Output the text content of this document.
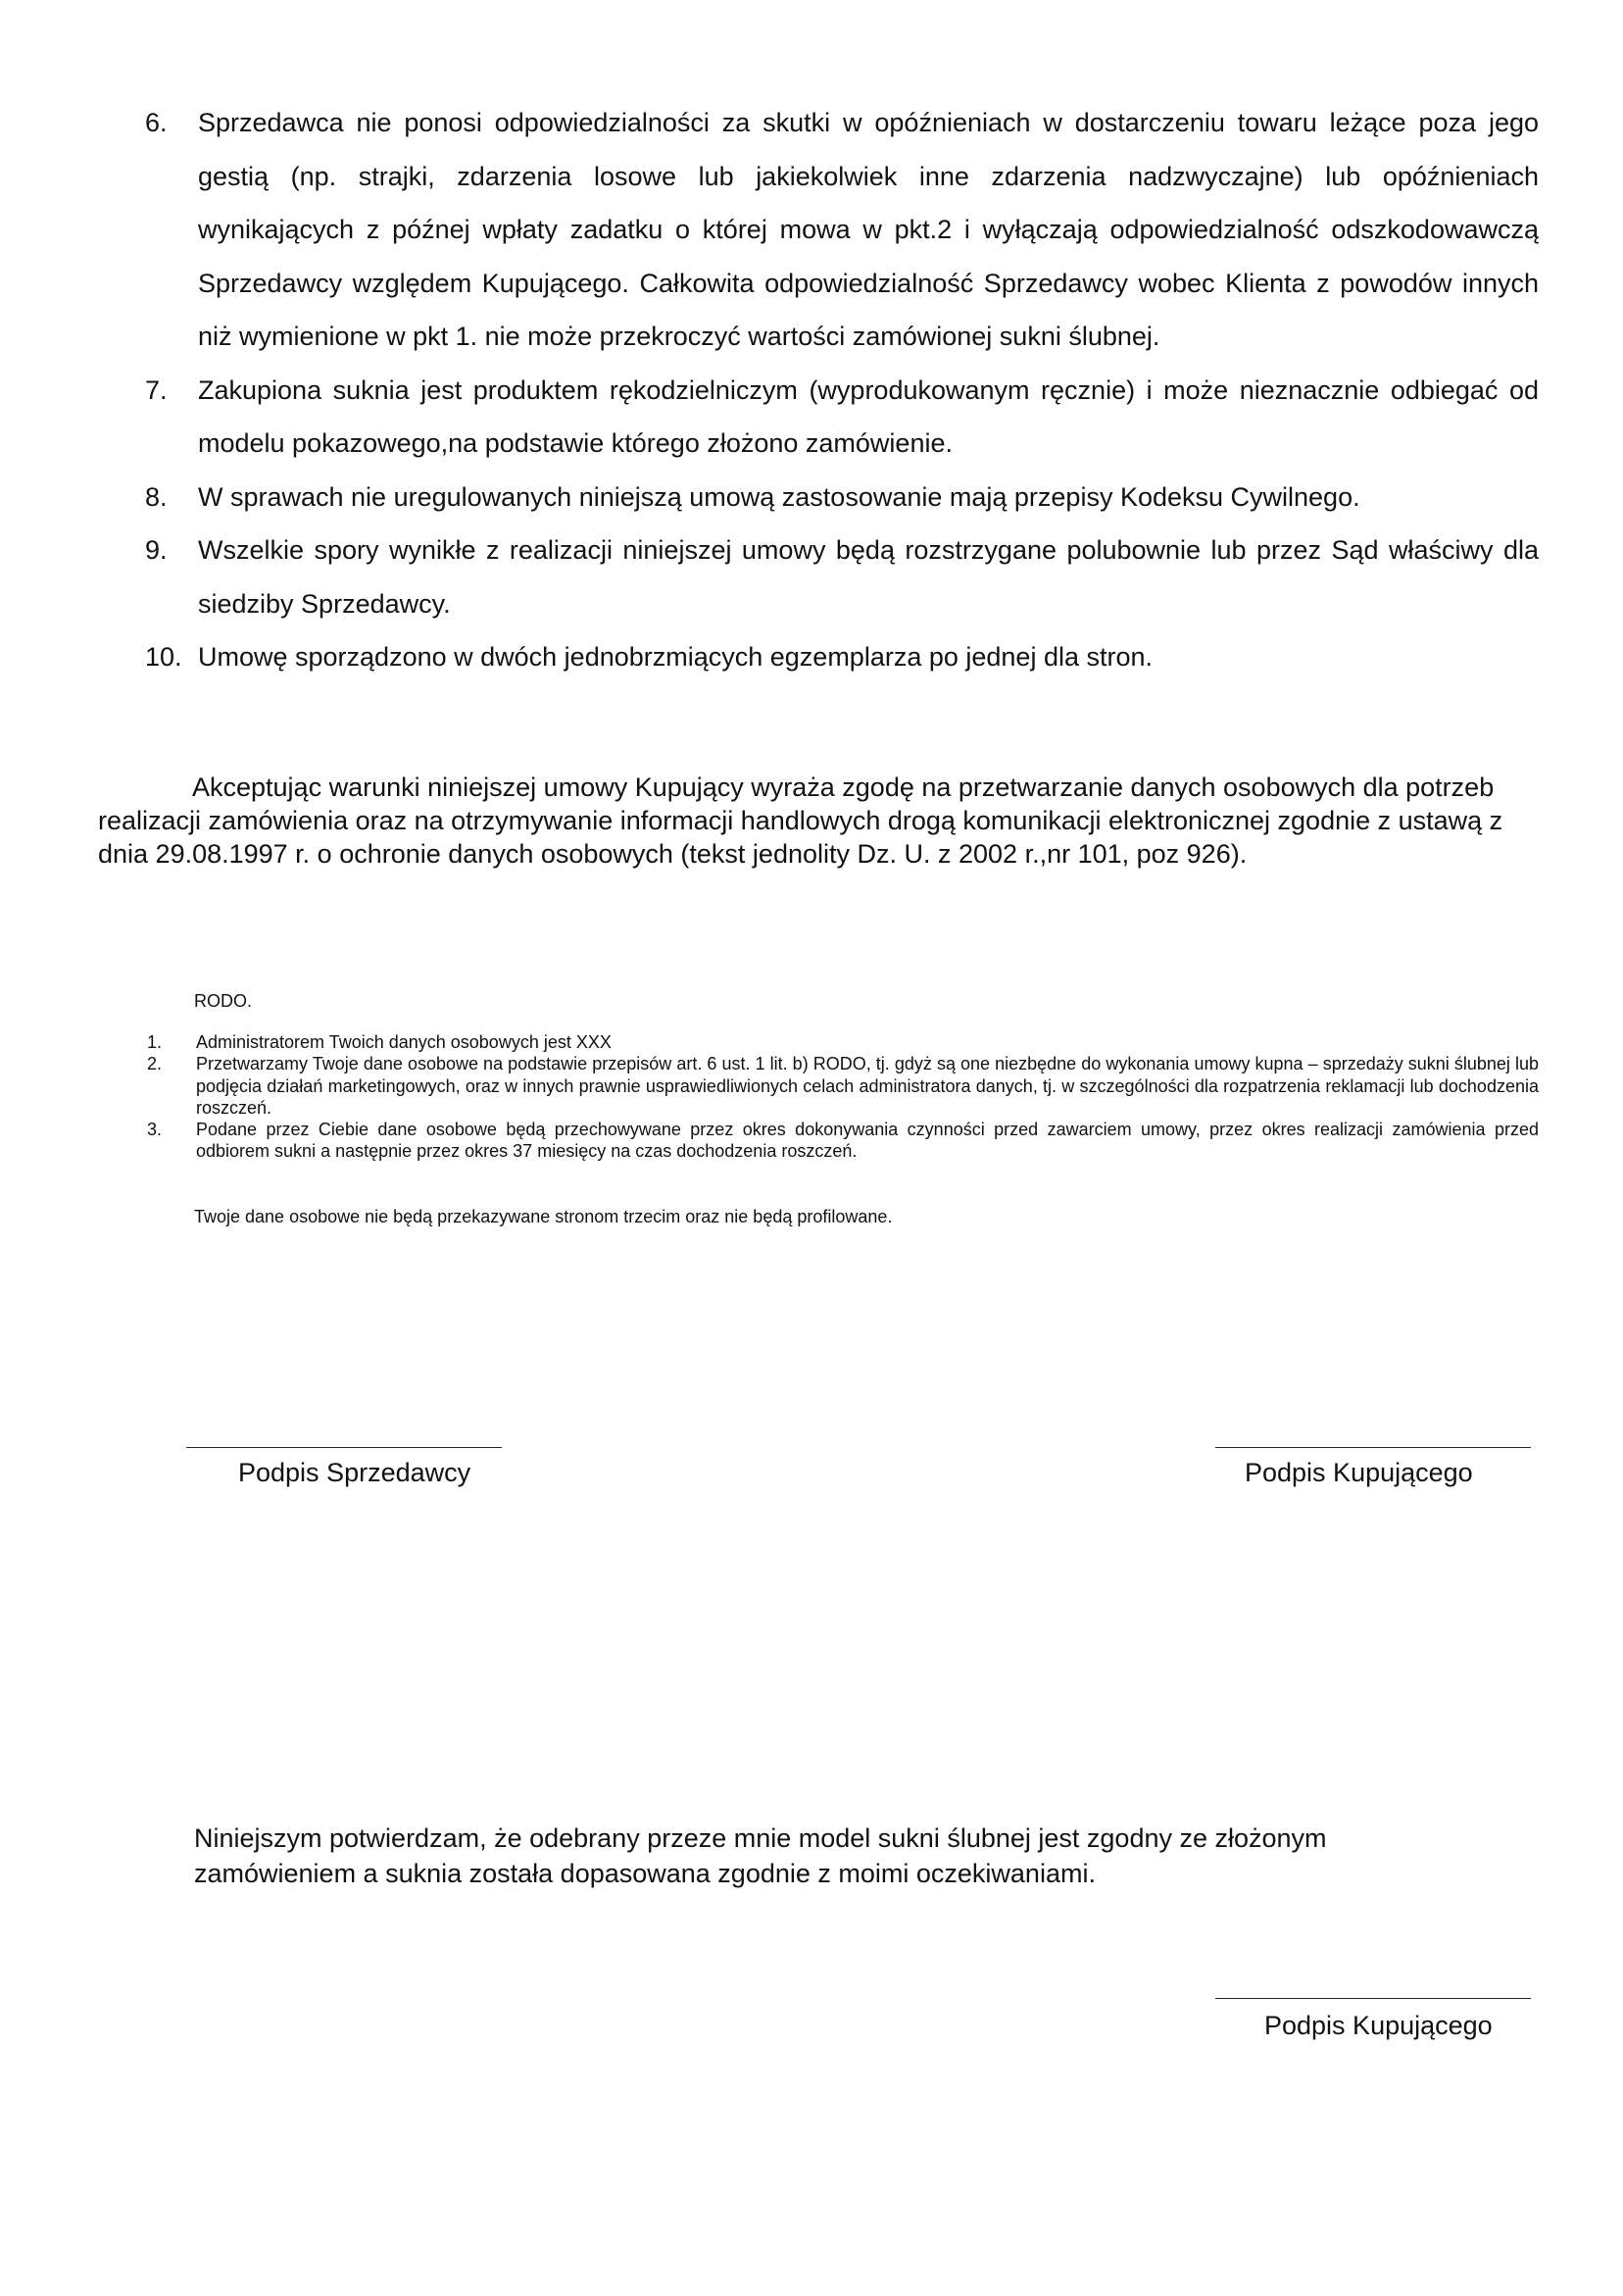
6.	Sprzedawca nie ponosi odpowiedzialności za skutki w opóźnieniach w dostarczeniu towaru leżące poza jego gestią (np. strajki, zdarzenia losowe lub jakiekolwiek inne zdarzenia nadzwyczajne) lub opóźnieniach wynikających z późnej wpłaty zadatku o której mowa w pkt.2 i wyłączają odpowiedzialność odszkodowawczą Sprzedawcy względem Kupującego. Całkowita odpowiedzialność Sprzedawcy wobec Klienta z powodów innych niż wymienione w pkt 1. nie może przekroczyć wartości zamówionej sukni ślubnej.
7.	Zakupiona suknia jest produktem rękodzielniczym (wyprodukowanym ręcznie) i może nieznacznie odbiegać od modelu pokazowego,na podstawie którego złożono zamówienie.
8.	W sprawach nie uregulowanych niniejszą umową zastosowanie mają przepisy Kodeksu Cywilnego.
9.	Wszelkie spory wynikłe z realizacji niniejszej umowy będą rozstrzygane polubownie lub przez Sąd właściwy dla siedziby Sprzedawcy.
10. Umowę sporządzono w dwóch jednobrzmiących egzemplarza po jednej dla stron.

Akceptując warunki niniejszej umowy Kupujący wyraża zgodę na przetwarzanie danych osobowych dla potrzeb realizacji zamówienia oraz na otrzymywanie informacji handlowych drogą komunikacji elektronicznej zgodnie z ustawą z dnia 29.08.1997 r. o ochronie danych osobowych (tekst jednolity Dz. U. z 2002 r.,nr 101, poz 926).

RODO.

1. Administratorem Twoich danych osobowych jest XXX
2. Przetwarzamy Twoje dane osobowe na podstawie przepisów art. 6 ust. 1 lit. b) RODO, tj. gdyż są one niezbędne do wykonania umowy kupna – sprzedaży sukni ślubnej lub podjęcia działań marketingowych, oraz w innych prawnie usprawiedliwionych celach administratora danych, tj. w szczególności dla rozpatrzenia reklamacji lub dochodzenia roszczeń.
3. Podane przez Ciebie dane osobowe będą przechowywane przez okres dokonywania czynności przed zawarciem umowy, przez okres realizacji zamówienia przed odbiorem sukni a następnie przez okres 37 miesięcy na czas dochodzenia roszczeń.

Twoje dane osobowe nie będą przekazywane stronom trzecim oraz nie będą profilowane.

Podpis Sprzedawcy	Podpis Kupującego

Niniejszym potwierdzam, że odebrany przeze mnie model sukni ślubnej jest zgodny ze złożonym zamówieniem a suknia została dopasowana zgodnie z moimi oczekiwaniami.

Podpis Kupującego
